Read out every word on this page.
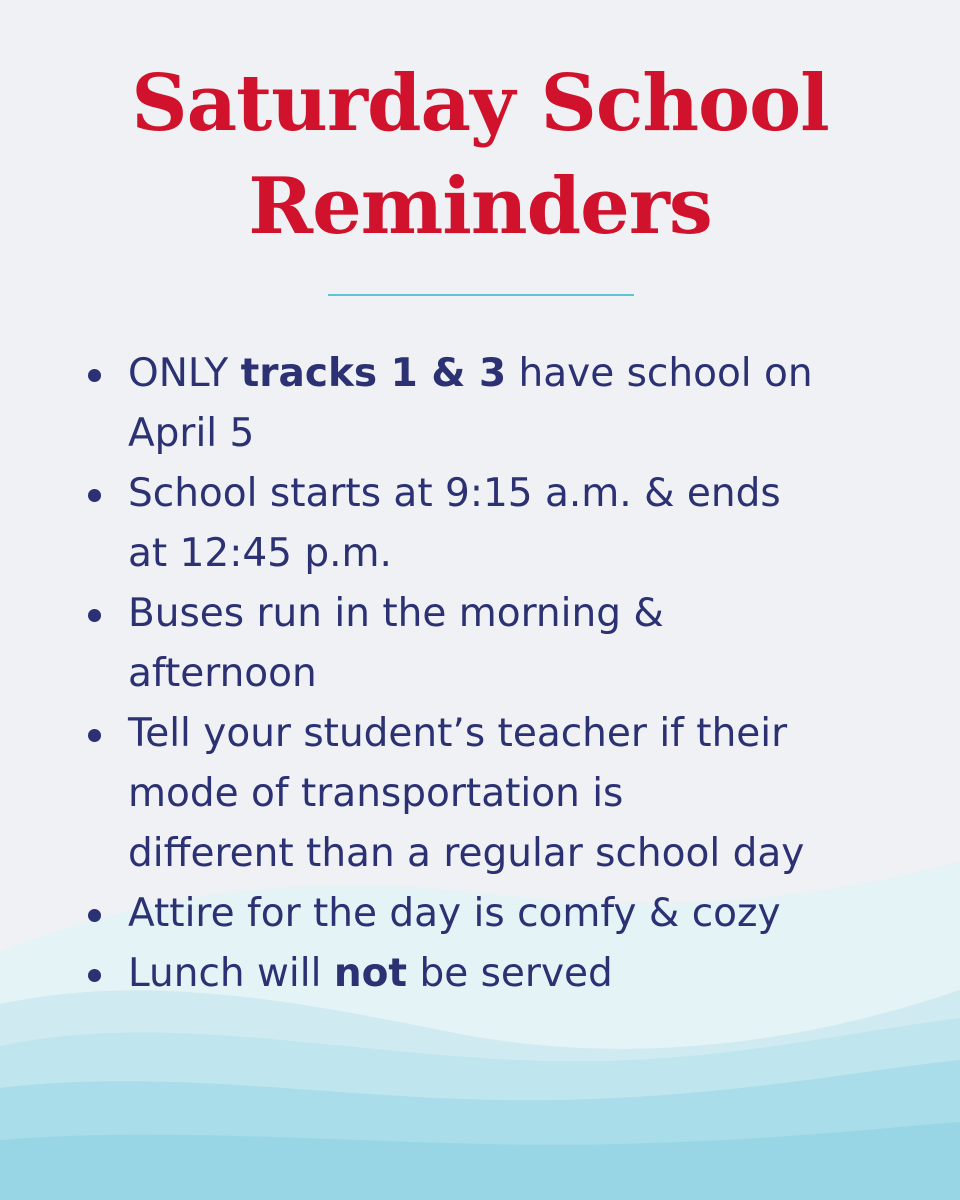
Saturday School
Reminders
ONLY tracks 1 & 3 have school on
April 5
School starts at 9:15 a.m. & ends
at 12:45 p.m.
Buses run in the morning &
afternoon
Tell your student’s teacher if their
mode of transportation is
different than a regular school day
Attire for the day is comfy & cozy
Lunch will not be served
